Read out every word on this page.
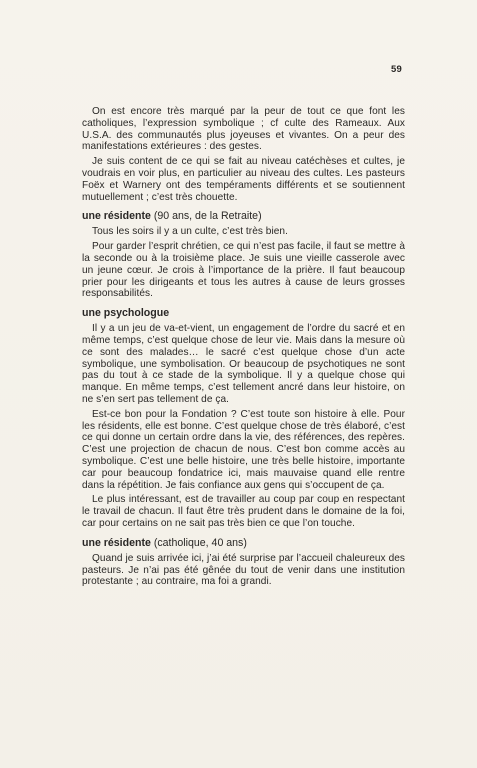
59

On est encore très marqué par la peur de tout ce que font les catholiques, l’expression symbolique ; cf culte des Rameaux. Aux U.S.A. des communautés plus joyeuses et vivantes. On a peur des manifestations extérieures : des gestes.

Je suis content de ce qui se fait au niveau catéchèses et cultes, je voudrais en voir plus, en particulier au niveau des cultes. Les pasteurs Foëx et Warnery ont des tempéraments différents et se soutiennent mutuellement ; c’est très chouette.

une résidente (90 ans, de la Retraite)

Tous les soirs il y a un culte, c’est très bien.

Pour garder l’esprit chrétien, ce qui n’est pas facile, il faut se mettre à la seconde ou à la troisième place. Je suis une vieille casserole avec un jeune cœur. Je crois à l’importance de la prière. Il faut beaucoup prier pour les dirigeants et tous les autres à cause de leurs grosses responsabilités.

une psychologue

Il y a un jeu de va-et-vient, un engagement de l’ordre du sacré et en même temps, c’est quelque chose de leur vie. Mais dans la mesure où ce sont des malades… le sacré c’est quelque chose d’un acte symbolique, une symbolisation. Or beaucoup de psychotiques ne sont pas du tout à ce stade de la symbolique. Il y a quelque chose qui manque. En même temps, c’est tellement ancré dans leur histoire, on ne s’en sert pas tellement de ça.

Est-ce bon pour la Fondation ? C’est toute son histoire à elle. Pour les résidents, elle est bonne. C’est quelque chose de très élaboré, c’est ce qui donne un certain ordre dans la vie, des références, des repères. C’est une projection de chacun de nous. C’est bon comme accès au symbolique. C’est une belle histoire, une très belle histoire, importante car pour beaucoup fondatrice ici, mais mauvaise quand elle rentre dans la répétition. Je fais confiance aux gens qui s’occupent de ça.

Le plus intéressant, est de travailler au coup par coup en respectant le travail de chacun. Il faut être très prudent dans le domaine de la foi, car pour certains on ne sait pas très bien ce que l’on touche.

une résidente (catholique, 40 ans)

Quand je suis arrivée ici, j’ai été surprise par l’accueil chaleureux des pasteurs. Je n’ai pas été gênée du tout de venir dans une institution protestante ; au contraire, ma foi a grandi.
